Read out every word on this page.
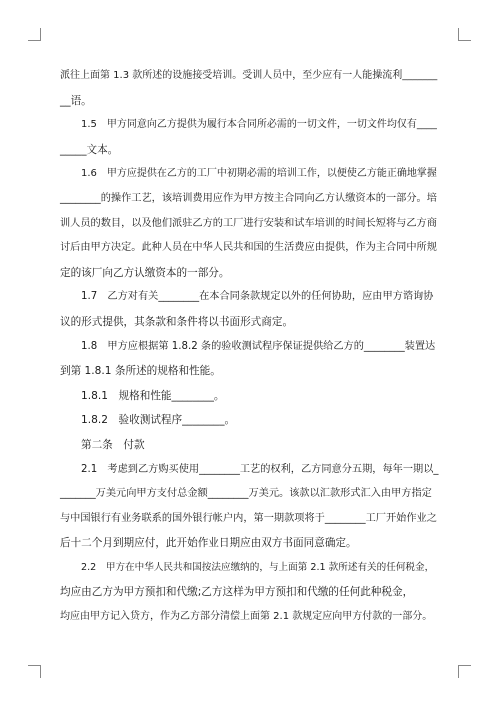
派往上面第 1.3 款所述的设施接受培训。受训人员中，至少应有一人能操流利_______
__语。
1.5　甲方同意向乙方提供为履行本合同所必需的一切文件，一切文件均仅有____
_____文本。
1.6　甲方应提供在乙方的工厂中初期必需的培训工作，以便使乙方能正确地掌握
________的操作工艺，该培训费用应作为甲方按主合同向乙方认缴资本的一部分。培
训人员的数目，以及他们派驻乙方的工厂进行安装和试车培训的时间长短将与乙方商
讨后由甲方决定。此种人员在中华人民共和国的生活费应由提供，作为主合同中所规
定的该厂向乙方认缴资本的一部分。
1.7　乙方对有关________在本合同条款规定以外的任何协助，应由甲方谘询协
议的形式提供，其条款和条件将以书面形式商定。
1.8　甲方应根据第 1.8.2 条的验收测试程序保证提供给乙方的________装置达
到第 1.8.1 条所述的规格和性能。
1.8.1　规格和性能________。
1.8.2　验收测试程序________。
第二条　付款
2.1　考虑到乙方购买使用________工艺的权利，乙方同意分五期，每年一期以_
_______万美元向甲方支付总金额________万美元。该款以汇款形式汇入由甲方指定
与中国银行有业务联系的国外银行帐户内，第一期款项将于________工厂开始作业之
后十二个月到期应付，此开始作业日期应由双方书面同意确定。
2.2　甲方在中华人民共和国按法应缴纳的，与上面第 2.1 款所述有关的任何税金，
均应由乙方为甲方预扣和代缴;乙方这样为甲方预扣和代缴的任何此种税金，
均应由甲方记入贷方，作为乙方部分清偿上面第 2.1 款规定应向甲方付款的一部分。
